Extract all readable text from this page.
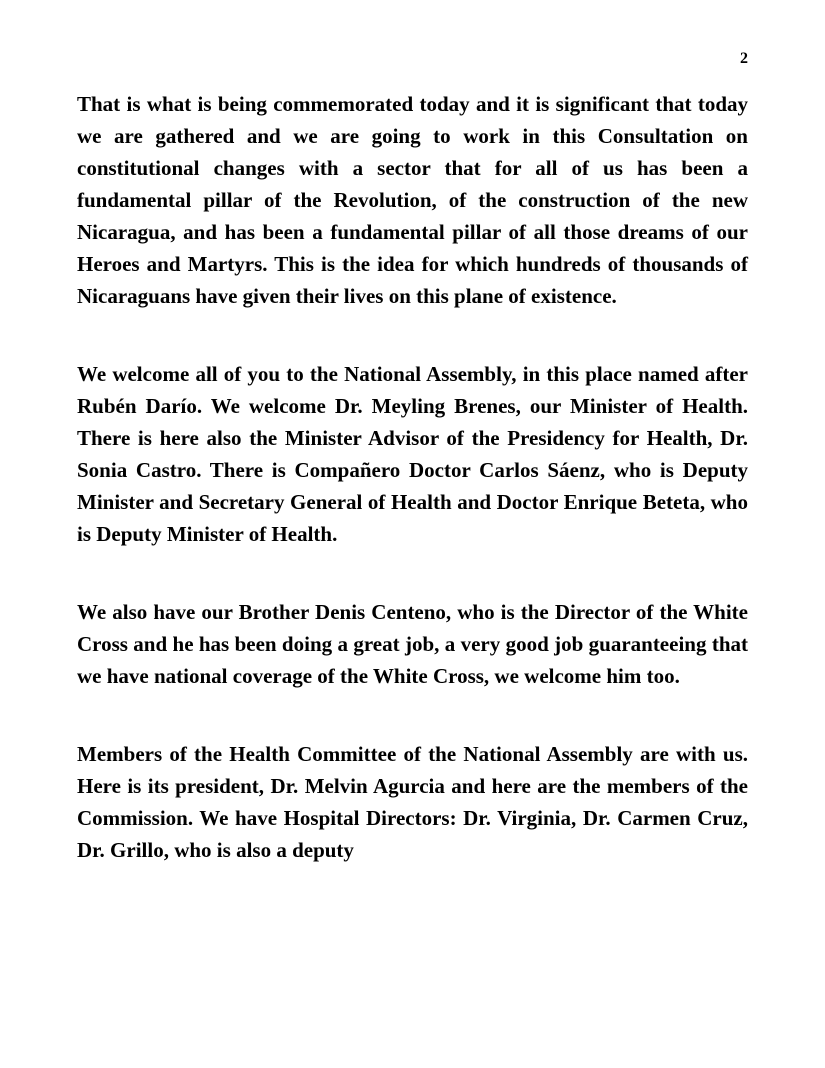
2

That is what is being commemorated today and it is significant that today we are gathered and we are going to work in this Consultation on constitutional changes with a sector that for all of us has been a fundamental pillar of the Revolution, of the construction of the new Nicaragua, and has been a fundamental pillar of all those dreams of our Heroes and Martyrs. This is the idea for which hundreds of thousands of Nicaraguans have given their lives on this plane of existence.

We welcome all of you to the National Assembly, in this place named after Rubén Darío. We welcome Dr. Meyling Brenes, our Minister of Health. There is here also the Minister Advisor of the Presidency for Health, Dr. Sonia Castro. There is Compañero Doctor Carlos Sáenz, who is Deputy Minister and Secretary General of Health and Doctor Enrique Beteta, who is Deputy Minister of Health.

We also have our Brother Denis Centeno, who is the Director of the White Cross and he has been doing a great job, a very good job guaranteeing that we have national coverage of the White Cross, we welcome him too.

Members of the Health Committee of the National Assembly are with us. Here is its president, Dr. Melvin Agurcia and here are the members of the Commission. We have Hospital Directors: Dr. Virginia, Dr. Carmen Cruz, Dr. Grillo, who is also a deputy
